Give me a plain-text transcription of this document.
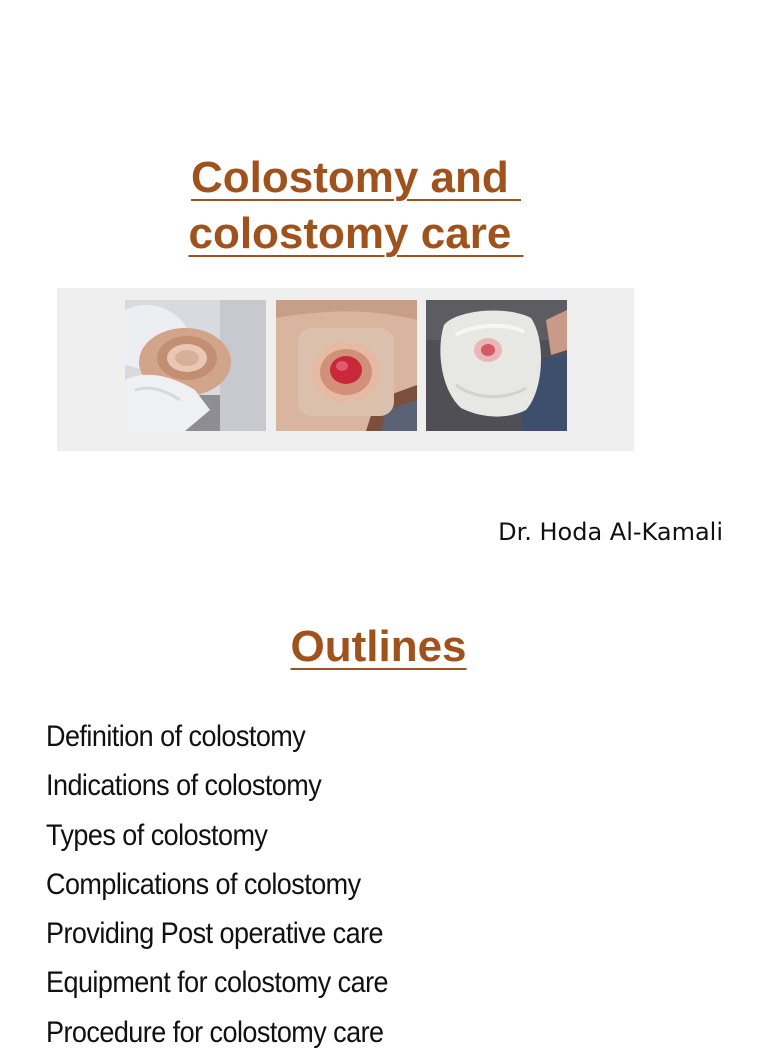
Colostomy and
colostomy care
Dr. Hoda Al-Kamali
Outlines
Definition of colostomy
Indications of colostomy
Types of colostomy
Complications of colostomy
Providing Post operative care
Equipment for colostomy care
Procedure for colostomy care
